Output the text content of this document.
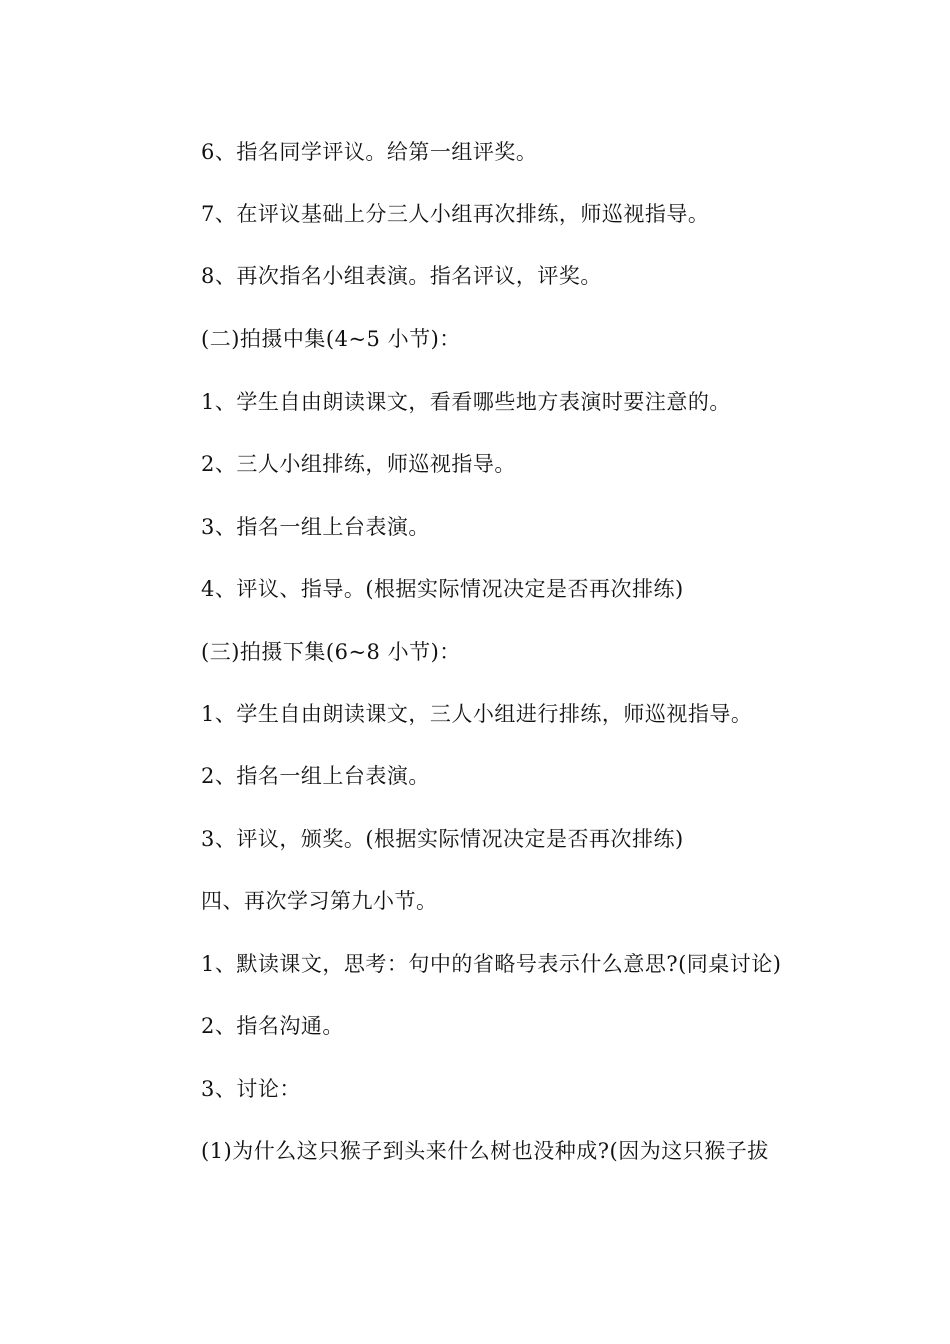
6、指名同学评议。给第一组评奖。
7、在评议基础上分三人小组再次排练，师巡视指导。
8、再次指名小组表演。指名评议，评奖。
(二)拍摄中集(4~5 小节)：
1、学生自由朗读课文，看看哪些地方表演时要注意的。
2、三人小组排练，师巡视指导。
3、指名一组上台表演。
4、评议、指导。(根据实际情况决定是否再次排练)
(三)拍摄下集(6~8 小节)：
1、学生自由朗读课文，三人小组进行排练，师巡视指导。
2、指名一组上台表演。
3、评议，颁奖。(根据实际情况决定是否再次排练)
四、再次学习第九小节。
1、默读课文，思考：句中的省略号表示什么意思?(同桌讨论)
2、指名沟通。
3、讨论：
(1)为什么这只猴子到头来什么树也没种成?(因为这只猴子拔
